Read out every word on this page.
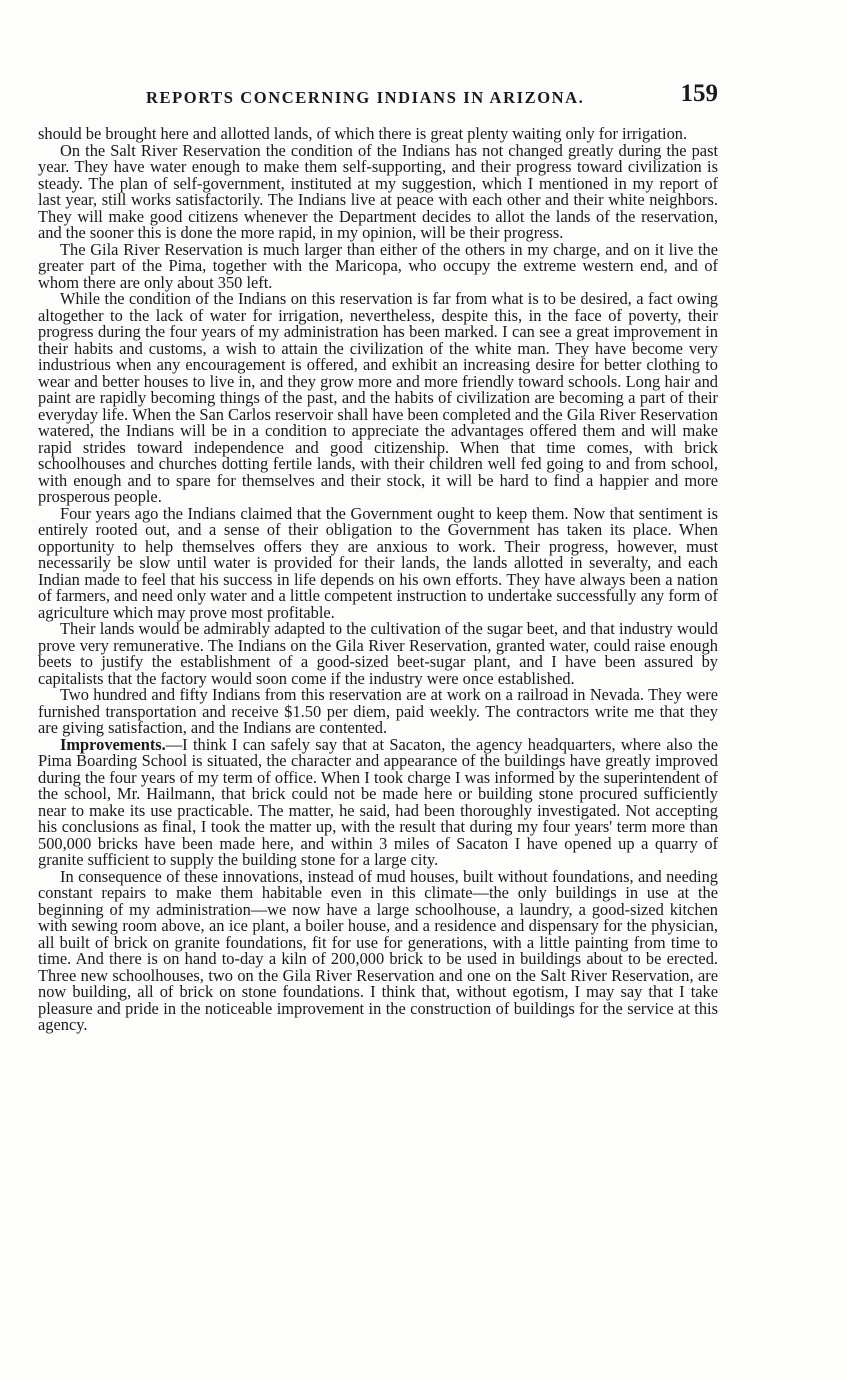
REPORTS CONCERNING INDIANS IN ARIZONA.	159

should be brought here and allotted lands, of which there is great plenty waiting only for irrigation.

On the Salt River Reservation the condition of the Indians has not changed greatly during the past year. They have water enough to make them self-supporting, and their progress toward civilization is steady. The plan of self-government, instituted at my suggestion, which I mentioned in my report of last year, still works satisfactorily. The Indians live at peace with each other and their white neighbors. They will make good citizens whenever the Department decides to allot the lands of the reservation, and the sooner this is done the more rapid, in my opinion, will be their progress.

The Gila River Reservation is much larger than either of the others in my charge, and on it live the greater part of the Pima, together with the Maricopa, who occupy the extreme western end, and of whom there are only about 350 left.

While the condition of the Indians on this reservation is far from what is to be desired, a fact owing altogether to the lack of water for irrigation, nevertheless, despite this, in the face of poverty, their progress during the four years of my administration has been marked. I can see a great improvement in their habits and customs, a wish to attain the civilization of the white man. They have become very industrious when any encouragement is offered, and exhibit an increasing desire for better clothing to wear and better houses to live in, and they grow more and more friendly toward schools. Long hair and paint are rapidly becoming things of the past, and the habits of civilization are becoming a part of their everyday life. When the San Carlos reservoir shall have been completed and the Gila River Reservation watered, the Indians will be in a condition to appreciate the advantages offered them and will make rapid strides toward independence and good citizenship. When that time comes, with brick schoolhouses and churches dotting fertile lands, with their children well fed going to and from school, with enough and to spare for themselves and their stock, it will be hard to find a happier and more prosperous people.

Four years ago the Indians claimed that the Government ought to keep them. Now that sentiment is entirely rooted out, and a sense of their obligation to the Government has taken its place. When opportunity to help themselves offers they are anxious to work. Their progress, however, must necessarily be slow until water is provided for their lands, the lands allotted in severalty, and each Indian made to feel that his success in life depends on his own efforts. They have always been a nation of farmers, and need only water and a little competent instruction to undertake successfully any form of agriculture which may prove most profitable.

Their lands would be admirably adapted to the cultivation of the sugar beet, and that industry would prove very remunerative. The Indians on the Gila River Reservation, granted water, could raise enough beets to justify the establishment of a good-sized beet-sugar plant, and I have been assured by capitalists that the factory would soon come if the industry were once established.

Two hundred and fifty Indians from this reservation are at work on a railroad in Nevada. They were furnished transportation and receive $1.50 per diem, paid weekly. The contractors write me that they are giving satisfaction, and the Indians are contented.

Improvements.—I think I can safely say that at Sacaton, the agency headquarters, where also the Pima Boarding School is situated, the character and appearance of the buildings have greatly improved during the four years of my term of office. When I took charge I was informed by the superintendent of the school, Mr. Hailmann, that brick could not be made here or building stone procured sufficiently near to make its use practicable. The matter, he said, had been thoroughly investigated. Not accepting his conclusions as final, I took the matter up, with the result that during my four years' term more than 500,000 bricks have been made here, and within 3 miles of Sacaton I have opened up a quarry of granite sufficient to supply the building stone for a large city.

In consequence of these innovations, instead of mud houses, built without foundations, and needing constant repairs to make them habitable even in this climate—the only buildings in use at the beginning of my administration—we now have a large schoolhouse, a laundry, a good-sized kitchen with sewing room above, an ice plant, a boiler house, and a residence and dispensary for the physician, all built of brick on granite foundations, fit for use for generations, with a little painting from time to time. And there is on hand to-day a kiln of 200,000 brick to be used in buildings about to be erected. Three new schoolhouses, two on the Gila River Reservation and one on the Salt River Reservation, are now building, all of brick on stone foundations. I think that, without egotism, I may say that I take pleasure and pride in the noticeable improvement in the construction of buildings for the service at this agency.
